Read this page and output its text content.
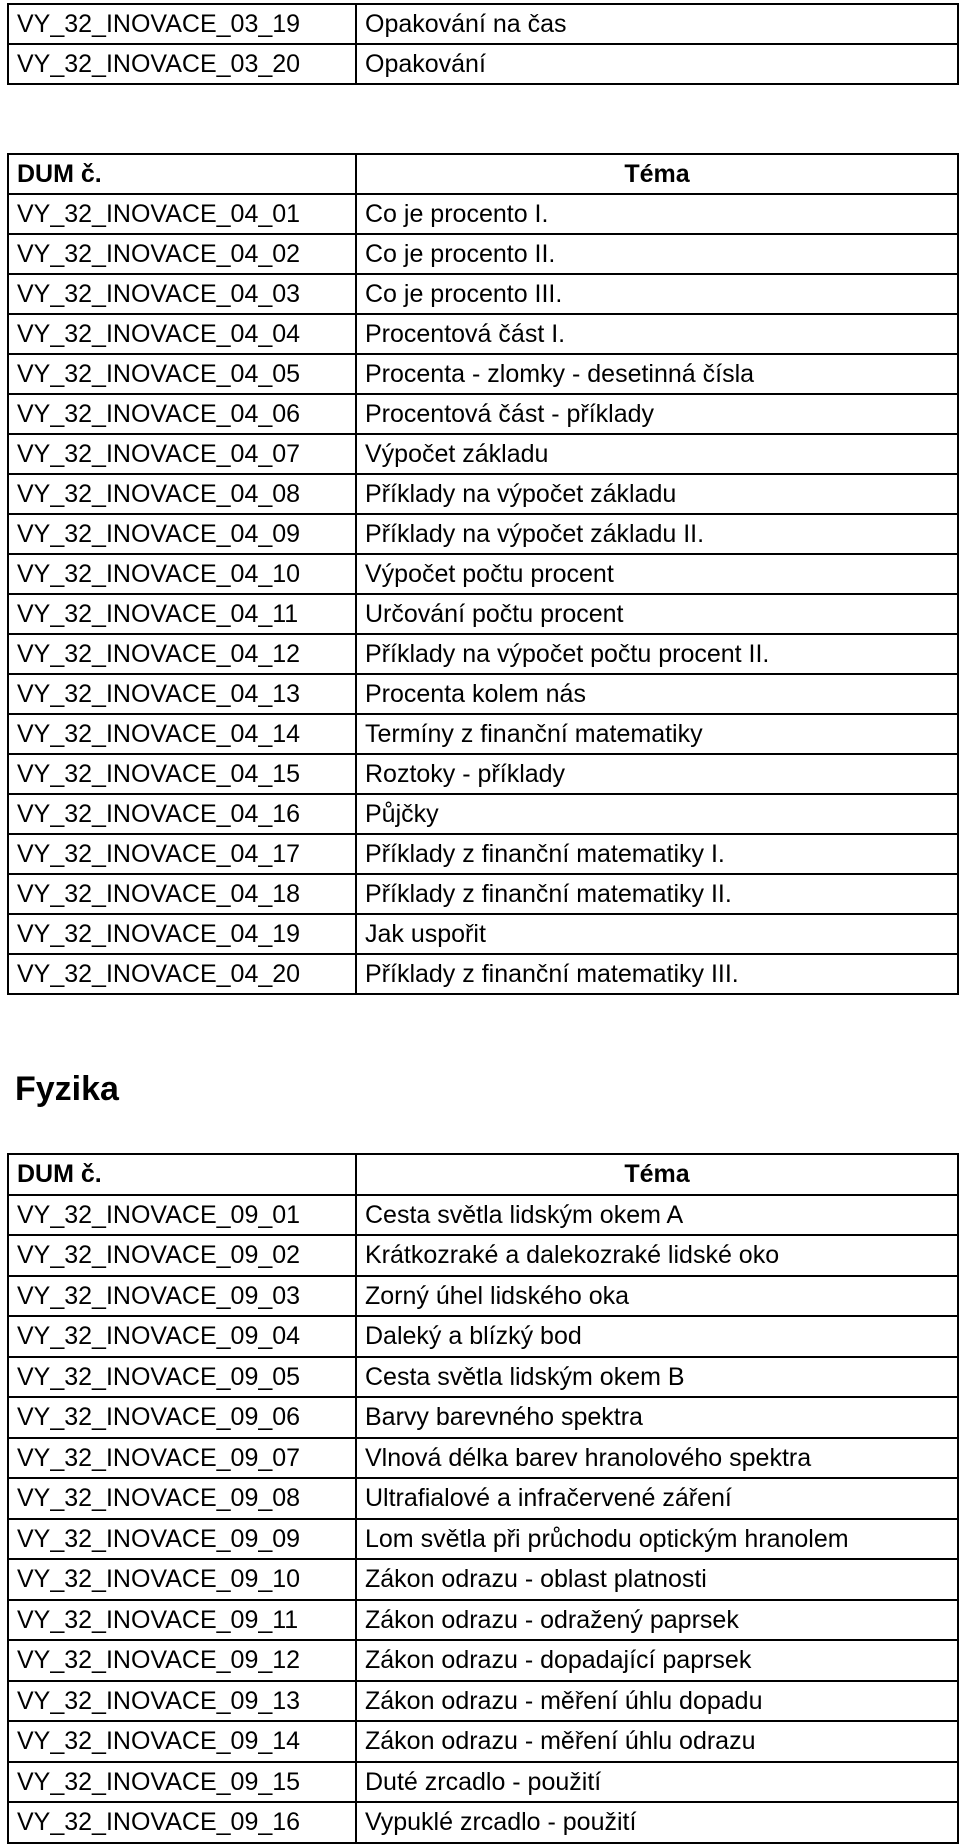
VY_32_INOVACE_03_19	Opakování na čas
VY_32_INOVACE_03_20	Opakování
DUM č.	Téma
VY_32_INOVACE_04_01	Co je procento I.
VY_32_INOVACE_04_02	Co je procento II.
VY_32_INOVACE_04_03	Co je procento III.
VY_32_INOVACE_04_04	Procentová část I.
VY_32_INOVACE_04_05	Procenta - zlomky - desetinná čísla
VY_32_INOVACE_04_06	Procentová část - příklady
VY_32_INOVACE_04_07	Výpočet základu
VY_32_INOVACE_04_08	Příklady na výpočet základu
VY_32_INOVACE_04_09	Příklady na výpočet základu II.
VY_32_INOVACE_04_10	Výpočet počtu procent
VY_32_INOVACE_04_11	Určování počtu procent
VY_32_INOVACE_04_12	Příklady na výpočet počtu procent II.
VY_32_INOVACE_04_13	Procenta kolem nás
VY_32_INOVACE_04_14	Termíny z finanční matematiky
VY_32_INOVACE_04_15	Roztoky - příklady
VY_32_INOVACE_04_16	Půjčky
VY_32_INOVACE_04_17	Příklady z finanční matematiky I.
VY_32_INOVACE_04_18	Příklady z finanční matematiky II.
VY_32_INOVACE_04_19	Jak uspořit
VY_32_INOVACE_04_20	Příklady z finanční matematiky III.
Fyzika
DUM č.	Téma
VY_32_INOVACE_09_01	Cesta světla lidským okem A
VY_32_INOVACE_09_02	Krátkozraké a dalekozraké lidské oko
VY_32_INOVACE_09_03	Zorný úhel lidského oka
VY_32_INOVACE_09_04	Daleký a blízký bod
VY_32_INOVACE_09_05	Cesta světla lidským okem B
VY_32_INOVACE_09_06	Barvy barevného spektra
VY_32_INOVACE_09_07	Vlnová délka barev hranolového spektra
VY_32_INOVACE_09_08	Ultrafialové a infračervené záření
VY_32_INOVACE_09_09	Lom světla při průchodu optickým hranolem
VY_32_INOVACE_09_10	Zákon odrazu - oblast platnosti
VY_32_INOVACE_09_11	Zákon odrazu - odražený paprsek
VY_32_INOVACE_09_12	Zákon odrazu - dopadající paprsek
VY_32_INOVACE_09_13	Zákon odrazu - měření úhlu dopadu
VY_32_INOVACE_09_14	Zákon odrazu - měření úhlu odrazu
VY_32_INOVACE_09_15	Duté zrcadlo - použití
VY_32_INOVACE_09_16	Vypuklé zrcadlo - použití
